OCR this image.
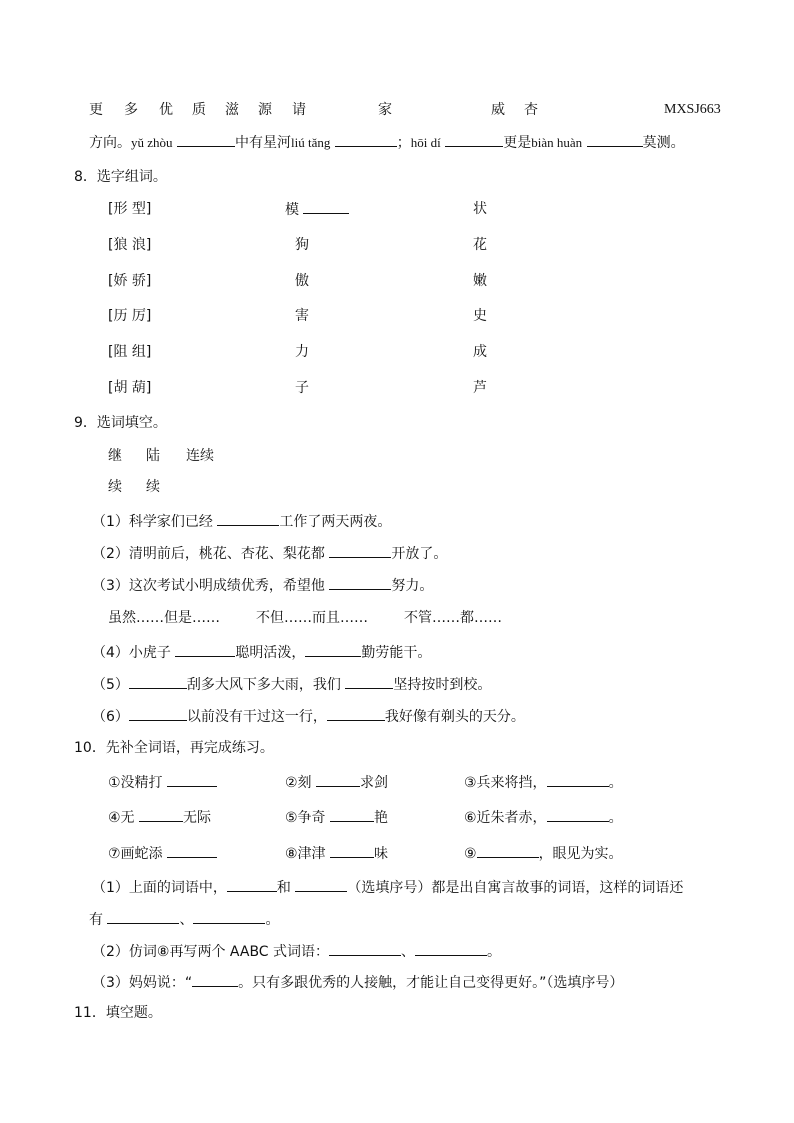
更 多 优 质 滋 源 请	家	威 杏	MXSJ663
方向。yǔ zhòu	中有星河liú tǎng	；hōi dí	更是biàn huàn	莫测。
8．选字组词。
[形 型]	模	状
[狼 浪]	狗	花
[娇 骄]	傲	嫩
[历 厉]	害	史
[阻 组]	力	成
[胡 葫]	子	芦
9．选词填空。
继 陆 连续
续 续
（1）科学家们已经	工作了两天两夜。
（2）清明前后，桃花、杏花、梨花都	开放了。
（3）这次考试小明成绩优秀，希望他	努力。
虽然……但是……	不但……而且……	不管……都……
（4）小虎子	聪明活泼，	勤劳能干。
（5）	刮多大风下多大雨，我们	坚持按时到校。
（6）	以前没有干过这一行，	我好像有剃头的天分。
10．先补全词语，再完成练习。
①没精打	②刻	求剑	③兵来将挡，	。
④无	无际	⑤争奇	艳	⑥近朱者赤，	。
⑦画蛇添	⑧津津	味	⑨	，眼见为实。
（1）上面的词语中，	和	（选填序号）都是出自寓言故事的词语，这样的词语还
有	、	。
（2）仿词⑧再写两个 AABC 式词语：	、	。
（3）妈妈说：“	。只有多跟优秀的人接触，才能让自己变得更好。”（选填序号）
11．填空题。
